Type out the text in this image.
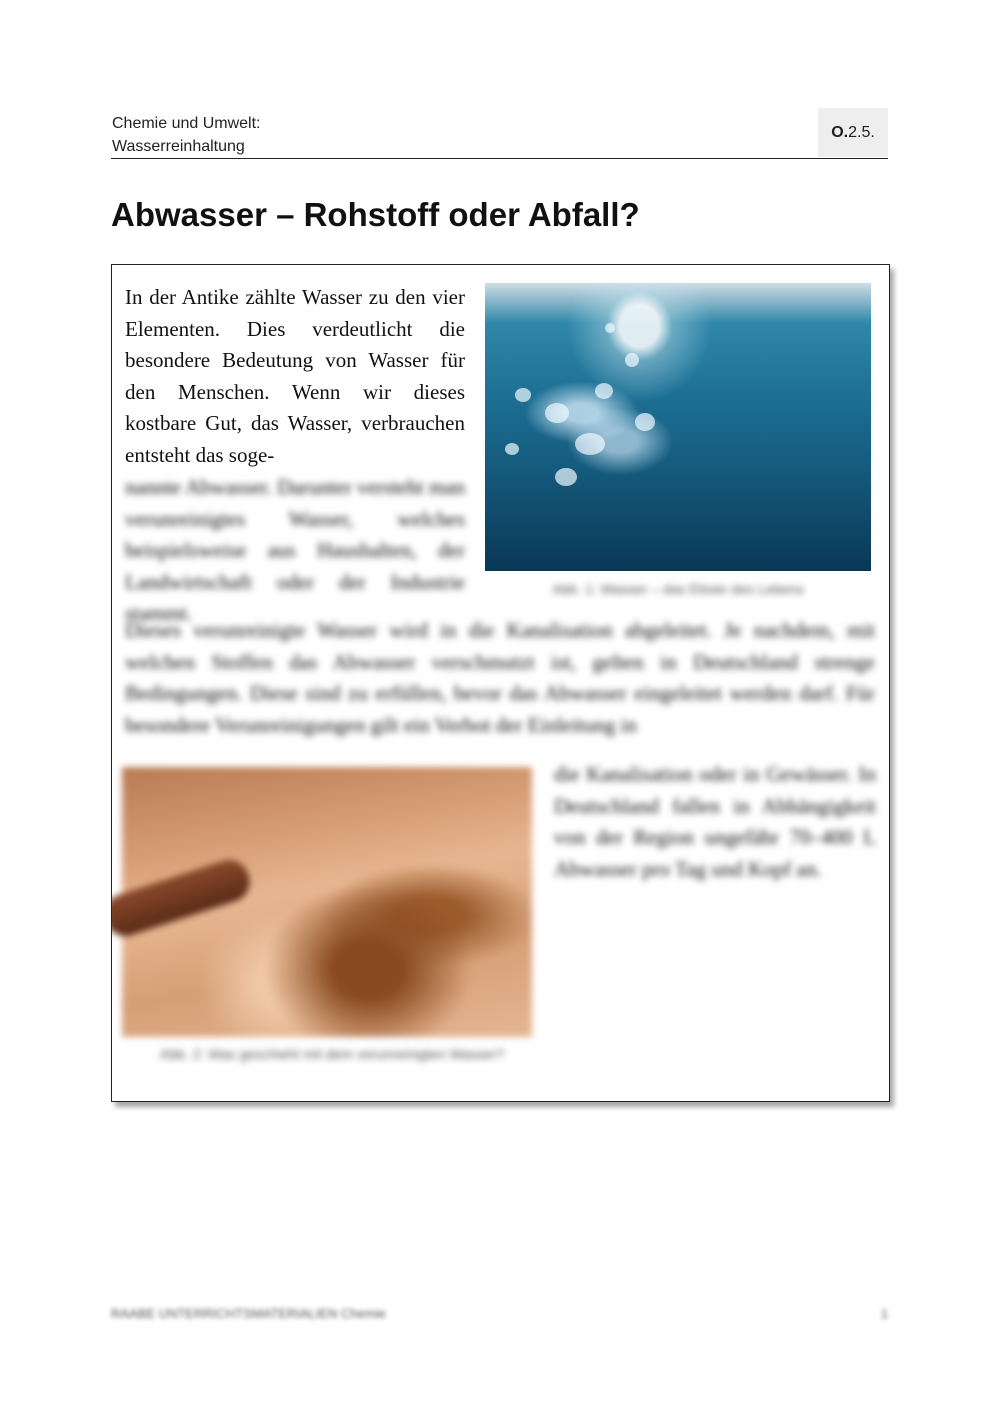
Chemie und Umwelt:
Wasserreinhaltung
O. 2.5.
Abwasser – Rohstoff oder Abfall?

In der Antike zählte Wasser zu den vier Elementen. Dies verdeutlicht die besondere Bedeutung von Wasser für den Menschen. Wenn wir dieses kostbare Gut, das Wasser, verbrauchen entsteht das soge-

nannte Abwasser. Darunter versteht man verunreinigtes Wasser, welches beispielsweise aus Haushalten, der Landwirtschaft oder der Industrie stammt.

Dieses verunreinigte Wasser wird in die Kanalisation abgeleitet. Je nachdem, mit welchen Stoffen das Abwasser verschmutzt ist, gelten in Deutschland strenge Bedingungen. Diese sind zu erfüllen, bevor das Abwasser eingeleitet werden darf. Für besondere Verunreinigungen gilt ein Verbot der Einleitung in

die Kanalisation oder in Gewässer. In Deutschland fallen in Abhängigkeit von der Region ungefähr 70–400 L Abwasser pro Tag und Kopf an.

Abb. 2: Was geschieht mit dem verunreinigten Wasser?
Abb. 1: Wasser – das Elixier des Lebens
RAABE UNTERRICHTSMATERIALIEN Chemie	1
